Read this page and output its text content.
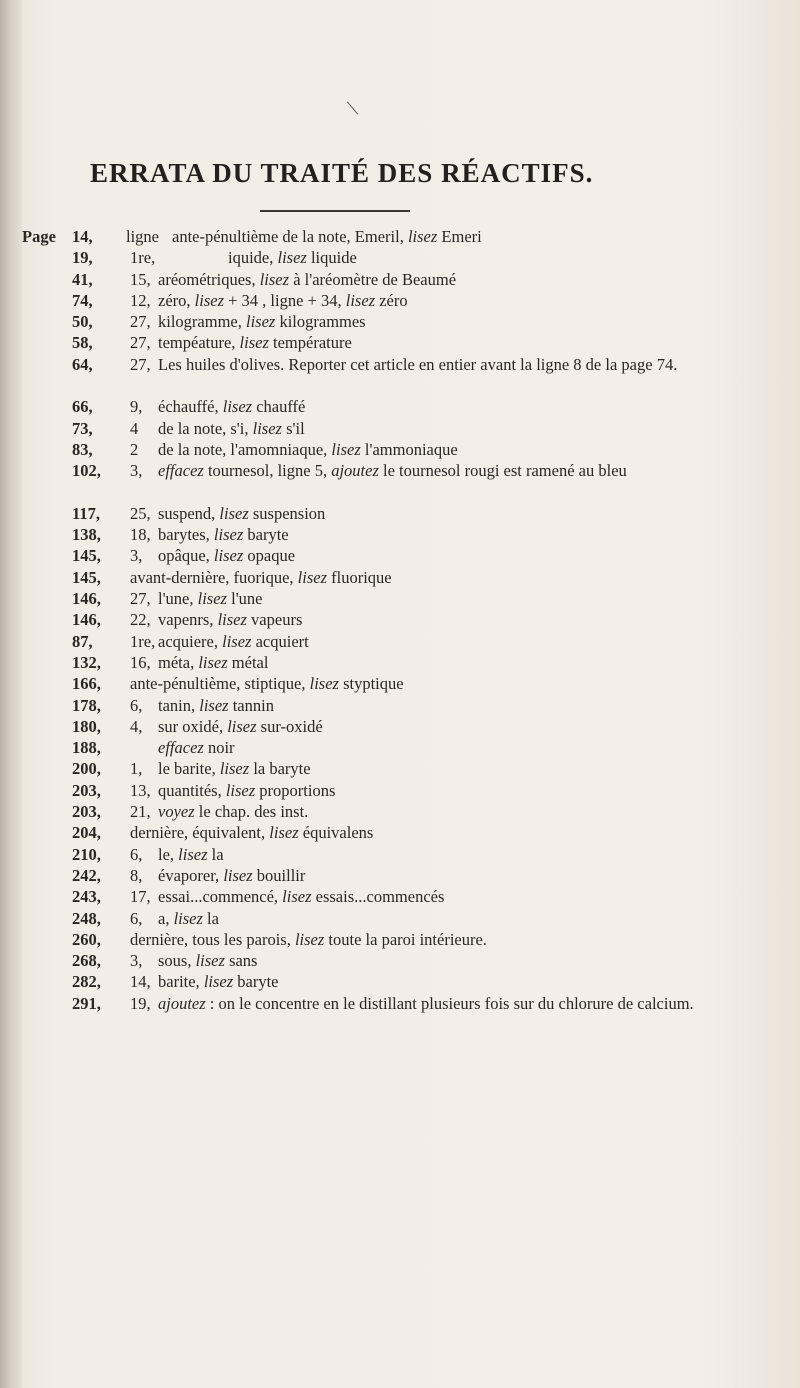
ERRATA DU TRAITÉ DES RÉACTIFS.
Page 14,	ligne ante-pénultième de la note, Emeril, lisez Emeri
19,	1re,	iquide, lisez liquide
41,	15, aréométriques, lisez à l'aréomètre de Beaumé
74,	12, zéro, lisez + 34 , ligne + 34, lisez zéro
50,	27, kilogramme, lisez kilogrammes
58,	27, tempéature, lisez température
64,	27, Les huiles d'olives. Reporter cet article en entier avant la ligne 8 de la page 74.
66,	9, échauffé, lisez chauffé
73,	4 de la note, s'i, lisez s'il
83,	2 de la note, l'amomniaque, lisez l'ammoniaque
102,	3, effacez tournesol, ligne 5, ajoutez le tournesol rougi est ramené au bleu
117,	25, suspend, lisez suspension
138,	18, barytes, lisez baryte
145,	3, opâque, lisez opaque
145,	avant-dernière, fuorique, lisez fluorique
146,	27, l'une, lisez l'une
146,	22, vapenrs, lisez vapeurs
87,	1re, acquiere, lisez acquiert
132,	16, méta, lisez métal
166,	ante-pénultième, stiptique, lisez styptique
178,	6, tanin, lisez tannin
180,	4, sur oxidé, lisez sur-oxidé
188,	effacez noir
200,	1, le barite, lisez la baryte
203,	13, quantités, lisez proportions
203,	21, voyez le chap. des inst.
204,	dernière, équivalent, lisez équivalens
210,	6, le, lisez la
242,	8, évaporer, lisez bouillir
243,	17, essai...commencé, lisez essais...commencés
248,	6, a, lisez la
260,	dernière, tous les parois, lisez toute la paroi intérieure.
268,	3, sous, lisez sans
282,	14, barite, lisez baryte
291,	19, ajoutez : on le concentre en le distillant plusieurs fois sur du chlorure de calcium.
